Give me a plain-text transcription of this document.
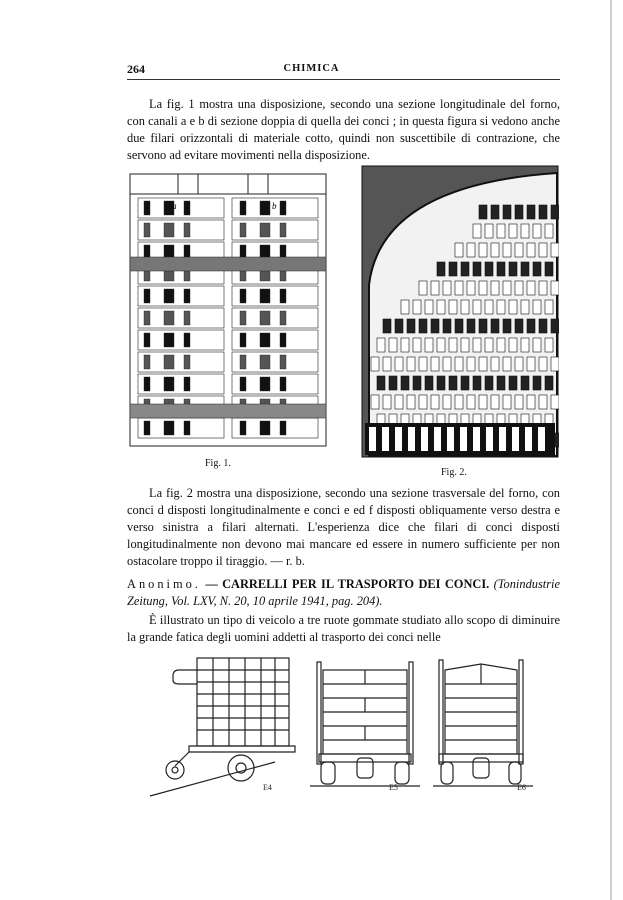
264	CHIMICA

La fig. 1 mostra una disposizione, secondo una sezione longitudinale del forno, con canali a e b di sezione doppia di quella dei conci ; in questa figura si vedono anche due filari orizzontali di materiale cotto, quindi non suscettibile di contrazione, che servono ad evitare movimenti nella disposizione.

a	b
Fig. 1.
Fig. 2.

La fig. 2 mostra una disposizione, secondo una sezione trasversale del forno, con conci d disposti longitudinalmente e conci e ed f disposti obliquamente verso destra e verso sinistra a filari alternati. L'esperienza dice che filari di conci disposti longitudinalmente non devono mai mancare ed essere in numero sufficiente per non ostacolare troppo il tiraggio. — r. b.

Anonimo. — CARRELLI PER IL TRASPORTO DEI CONCI. (Tonindustrie Zeitung, Vol. LXV, N. 20, 10 aprile 1941, pag. 204).

È illustrato un tipo di veicolo a tre ruote gommate studiato allo scopo di diminuire la grande fatica degli uomini addetti al trasporto dei conci nelle

E4	E5	E6
